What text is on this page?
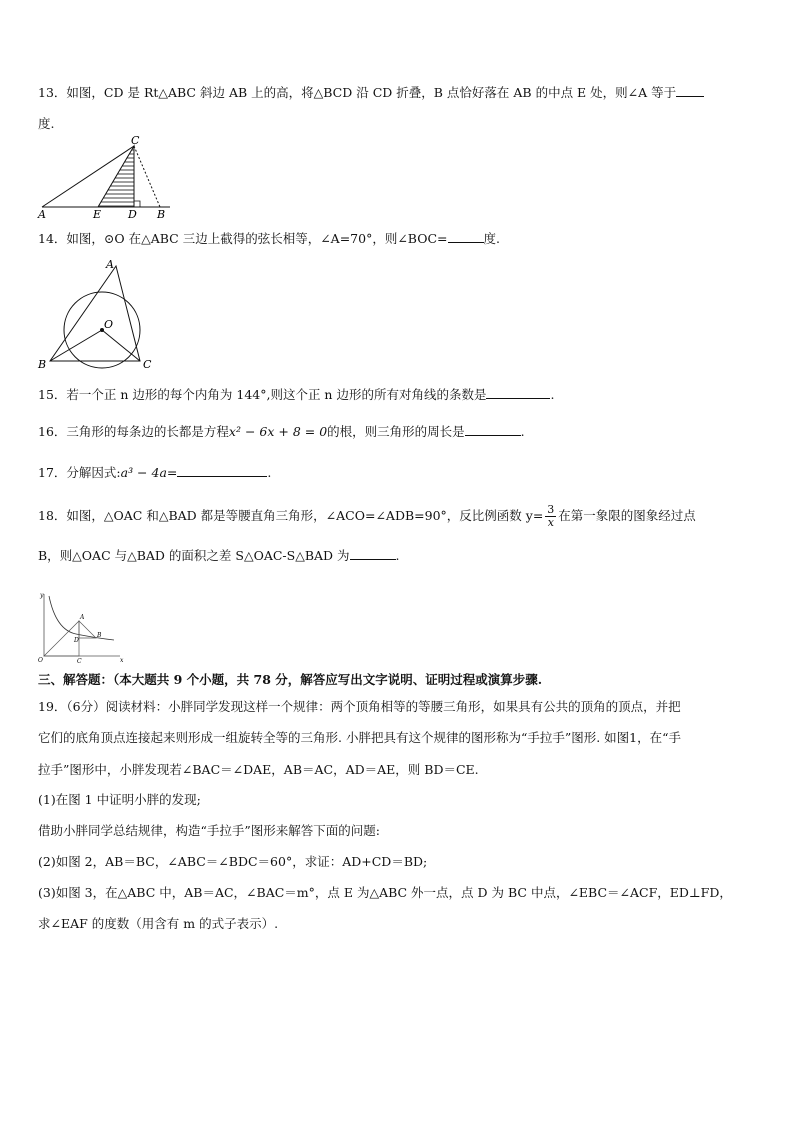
13．如图，CD 是 Rt△ABC 斜边 AB 上的高，将△BCD 沿 CD 折叠，B 点恰好落在 AB 的中点 E 处，则∠A 等于
度.
A	E D B
C
14．如图，⊙O 在△ABC 三边上截得的弦长相等，∠A=70°，则∠BOC=	度.
A
O
B	C
15．若一个正 n 边形的每个内角为 144°,则这个正 n 边形的所有对角线的条数是	.
16．三角形的每条边的长都是方程x² − 6x + 8 = 0的根，则三角形的周长是	.
17．分解因式:a³ − 4a=	.
18．如图，△OAC 和△BAD 都是等腰直角三角形，∠ACO=∠ADB=90°，反比例函数 $y= \frac{3}{x}$ 在第一象限的图象经过点
B，则△OAC 与△BAD 的面积之差 S△OAC-S△BAD 为	.
y
x
O	C
A
D
B
三、解答题：（本大题共 9 个小题，共 78 分，解答应写出文字说明、证明过程或演算步骤.
19．（6分）阅读材料：小胖同学发现这样一个规律：两个顶角相等的等腰三角形，如果具有公共的顶角的顶点，并把
它们的底角顶点连接起来则形成一组旋转全等的三角形. 小胖把具有这个规律的图形称为“手拉手”图形. 如图1，在“手
拉手”图形中，小胖发现若∠BAC＝∠DAE，AB＝AC，AD＝AE，则 BD＝CE.
(1)在图 1 中证明小胖的发现;
借助小胖同学总结规律，构造“手拉手”图形来解答下面的问题:
(2)如图 2，AB＝BC，∠ABC＝∠BDC＝60°，求证：AD+CD＝BD;
(3)如图 3，在△ABC 中，AB＝AC，∠BAC＝m°，点 E 为△ABC 外一点，点 D 为 BC 中点，∠EBC＝∠ACF，ED⊥FD，
求∠EAF 的度数（用含有 m 的式子表示）.
